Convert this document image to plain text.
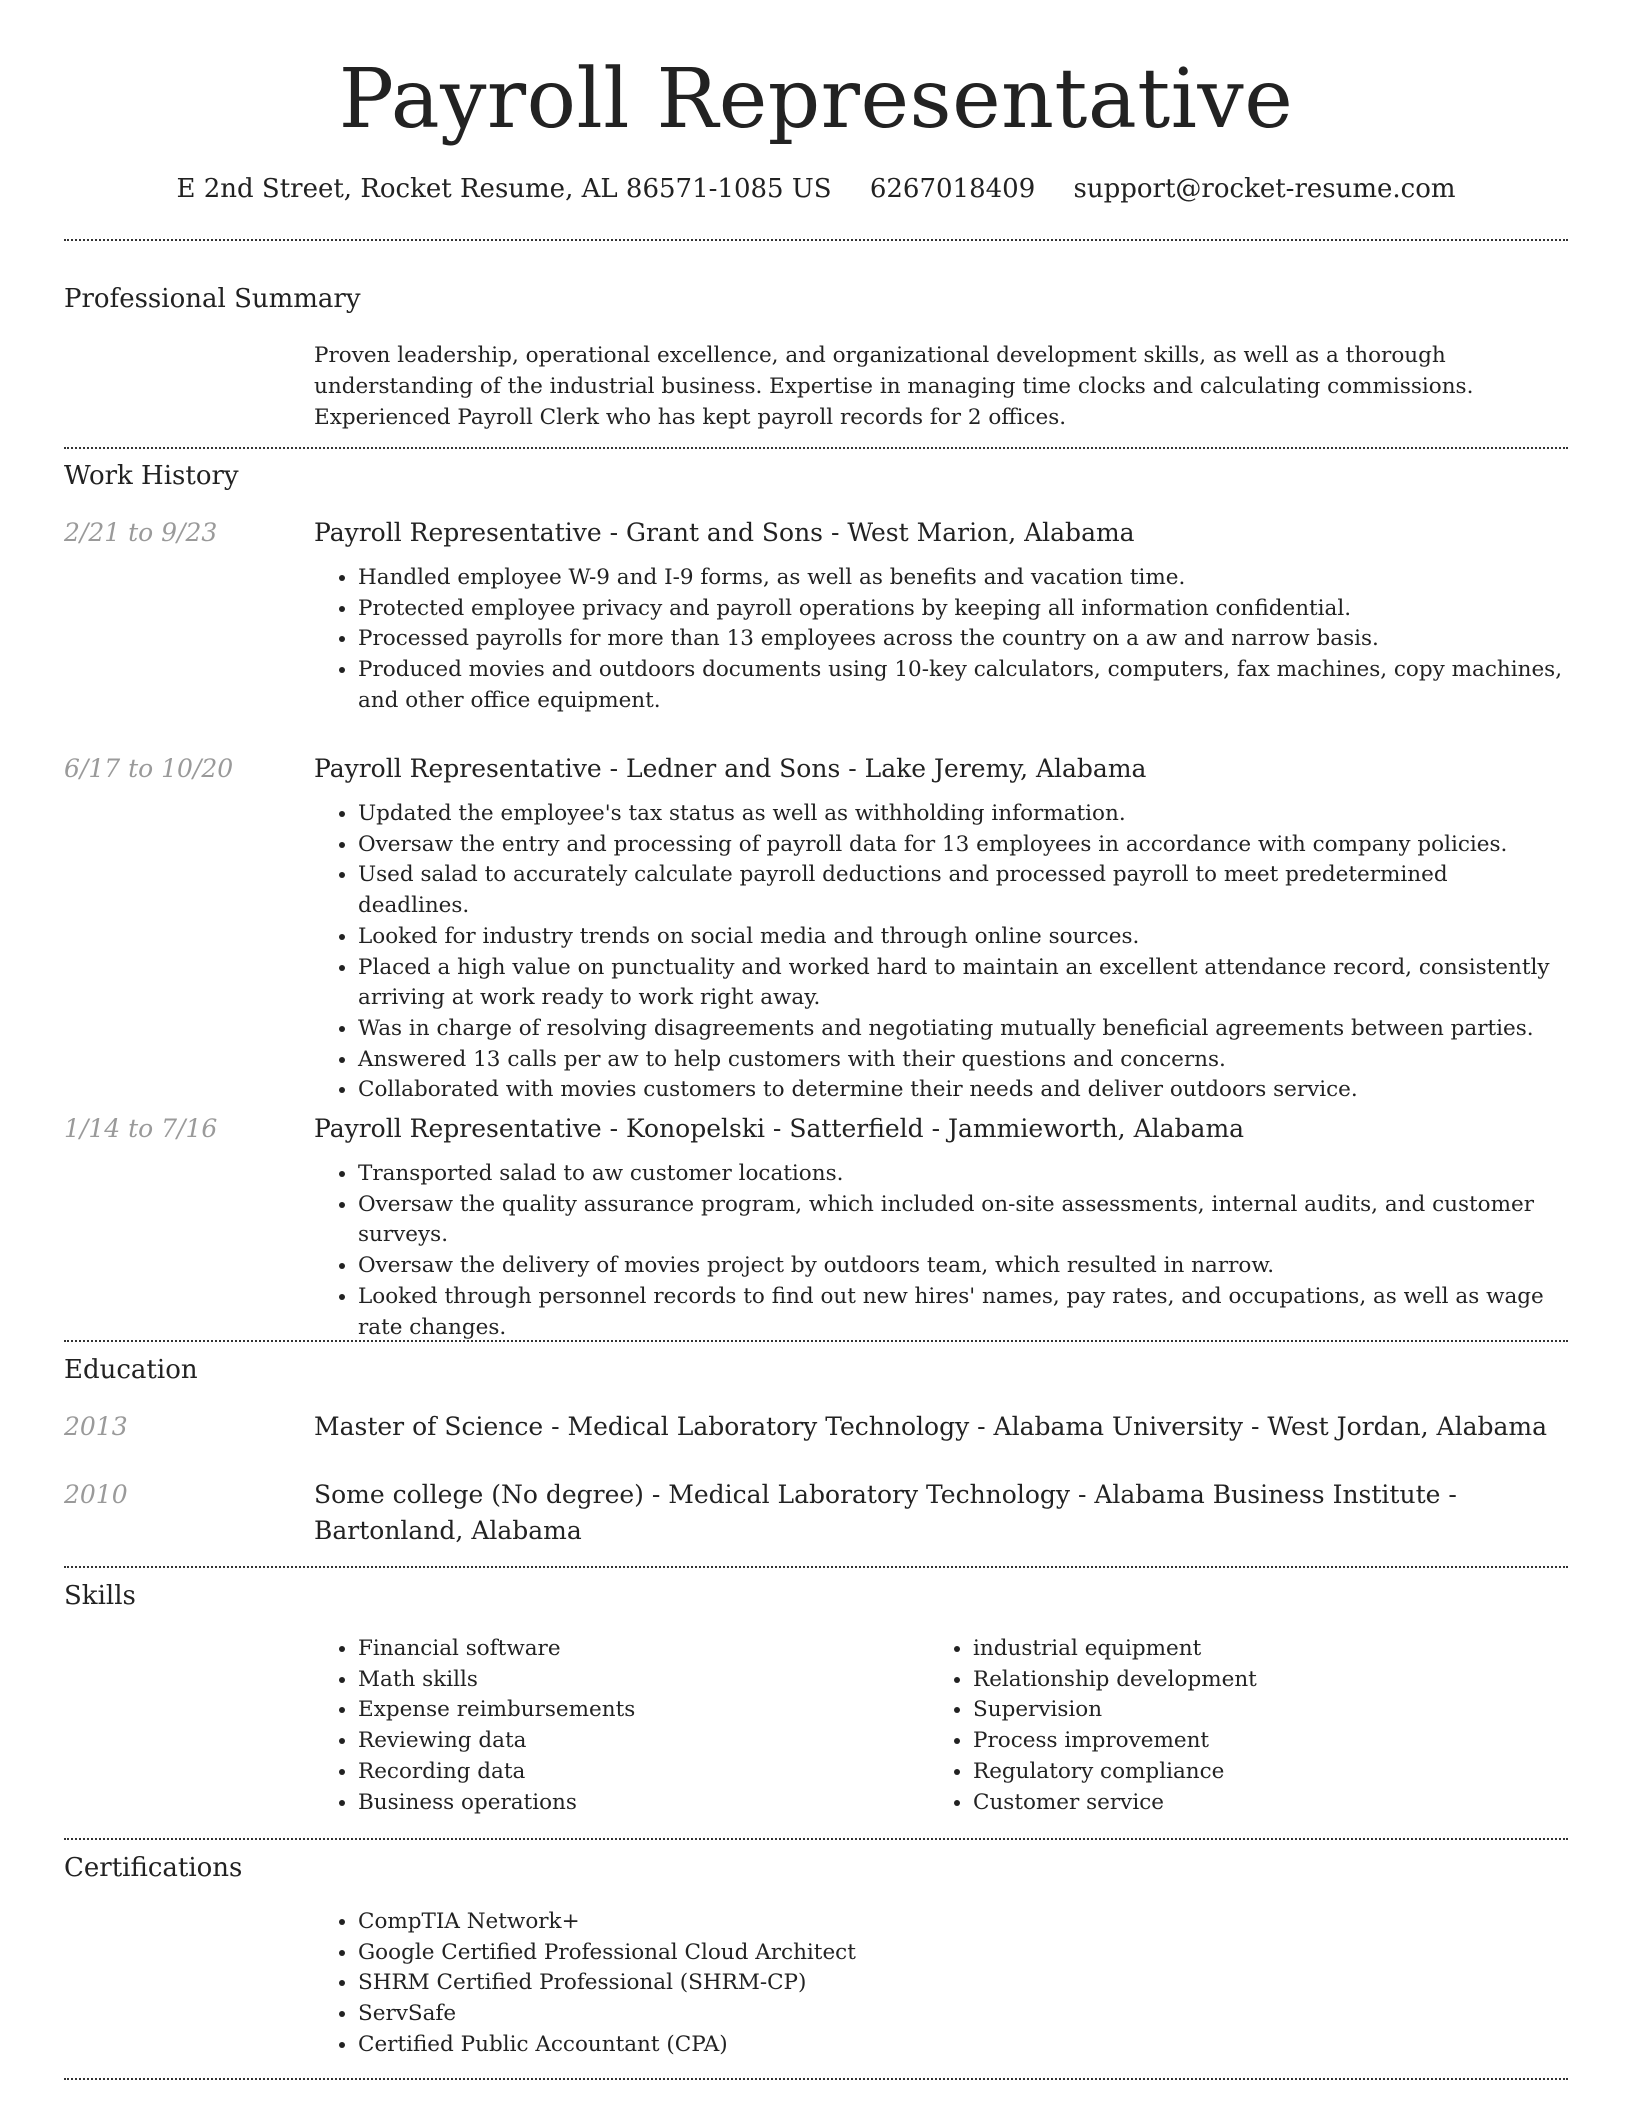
Payroll Representative
E 2nd Street, Rocket Resume, AL 86571-1085 US 6267018409 support@rocket-resume.com
Professional Summary

Proven leadership, operational excellence, and organizational development skills, as well as a thorough understanding of the industrial business. Expertise in managing time clocks and calculating commissions. Experienced Payroll Clerk who has kept payroll records for 2 offices.

Work History
2/21 to 9/23	Payroll Representative - Grant and Sons - West Marion, Alabama

• Handled employee W-9 and I-9 forms, as well as benefits and vacation time.
• Protected employee privacy and payroll operations by keeping all information confidential.
• Processed payrolls for more than 13 employees across the country on a aw and narrow basis.
• Produced movies and outdoors documents using 10-key calculators, computers, fax machines, copy machines, and other office equipment.
6/17 to 10/20	Payroll Representative - Ledner and Sons - Lake Jeremy, Alabama

• Updated the employee's tax status as well as withholding information.
• Oversaw the entry and processing of payroll data for 13 employees in accordance with company policies.
• Used salad to accurately calculate payroll deductions and processed payroll to meet predetermined deadlines.
• Looked for industry trends on social media and through online sources.
• Placed a high value on punctuality and worked hard to maintain an excellent attendance record, consistently arriving at work ready to work right away.
• Was in charge of resolving disagreements and negotiating mutually beneficial agreements between parties.
• Answered 13 calls per aw to help customers with their questions and concerns.
• Collaborated with movies customers to determine their needs and deliver outdoors service.
1/14 to 7/16	Payroll Representative - Konopelski - Satterfield - Jammieworth, Alabama

• Transported salad to aw customer locations.
• Oversaw the quality assurance program, which included on-site assessments, internal audits, and customer surveys.
• Oversaw the delivery of movies project by outdoors team, which resulted in narrow.
• Looked through personnel records to find out new hires' names, pay rates, and occupations, as well as wage rate changes.
Education
2013	Master of Science - Medical Laboratory Technology - Alabama University - West Jordan, Alabama

2010	Some college (No degree) - Medical Laboratory Technology - Alabama Business Institute - Bartonland, Alabama

Skills
• Financial software
• Math skills
• Expense reimbursements
• Reviewing data
• Recording data
• Business operations
• industrial equipment
• Relationship development
• Supervision
• Process improvement
• Regulatory compliance
• Customer service
Certifications
• CompTIA Network+
• Google Certified Professional Cloud Architect
• SHRM Certified Professional (SHRM-CP)
• ServSafe
• Certified Public Accountant (CPA)
